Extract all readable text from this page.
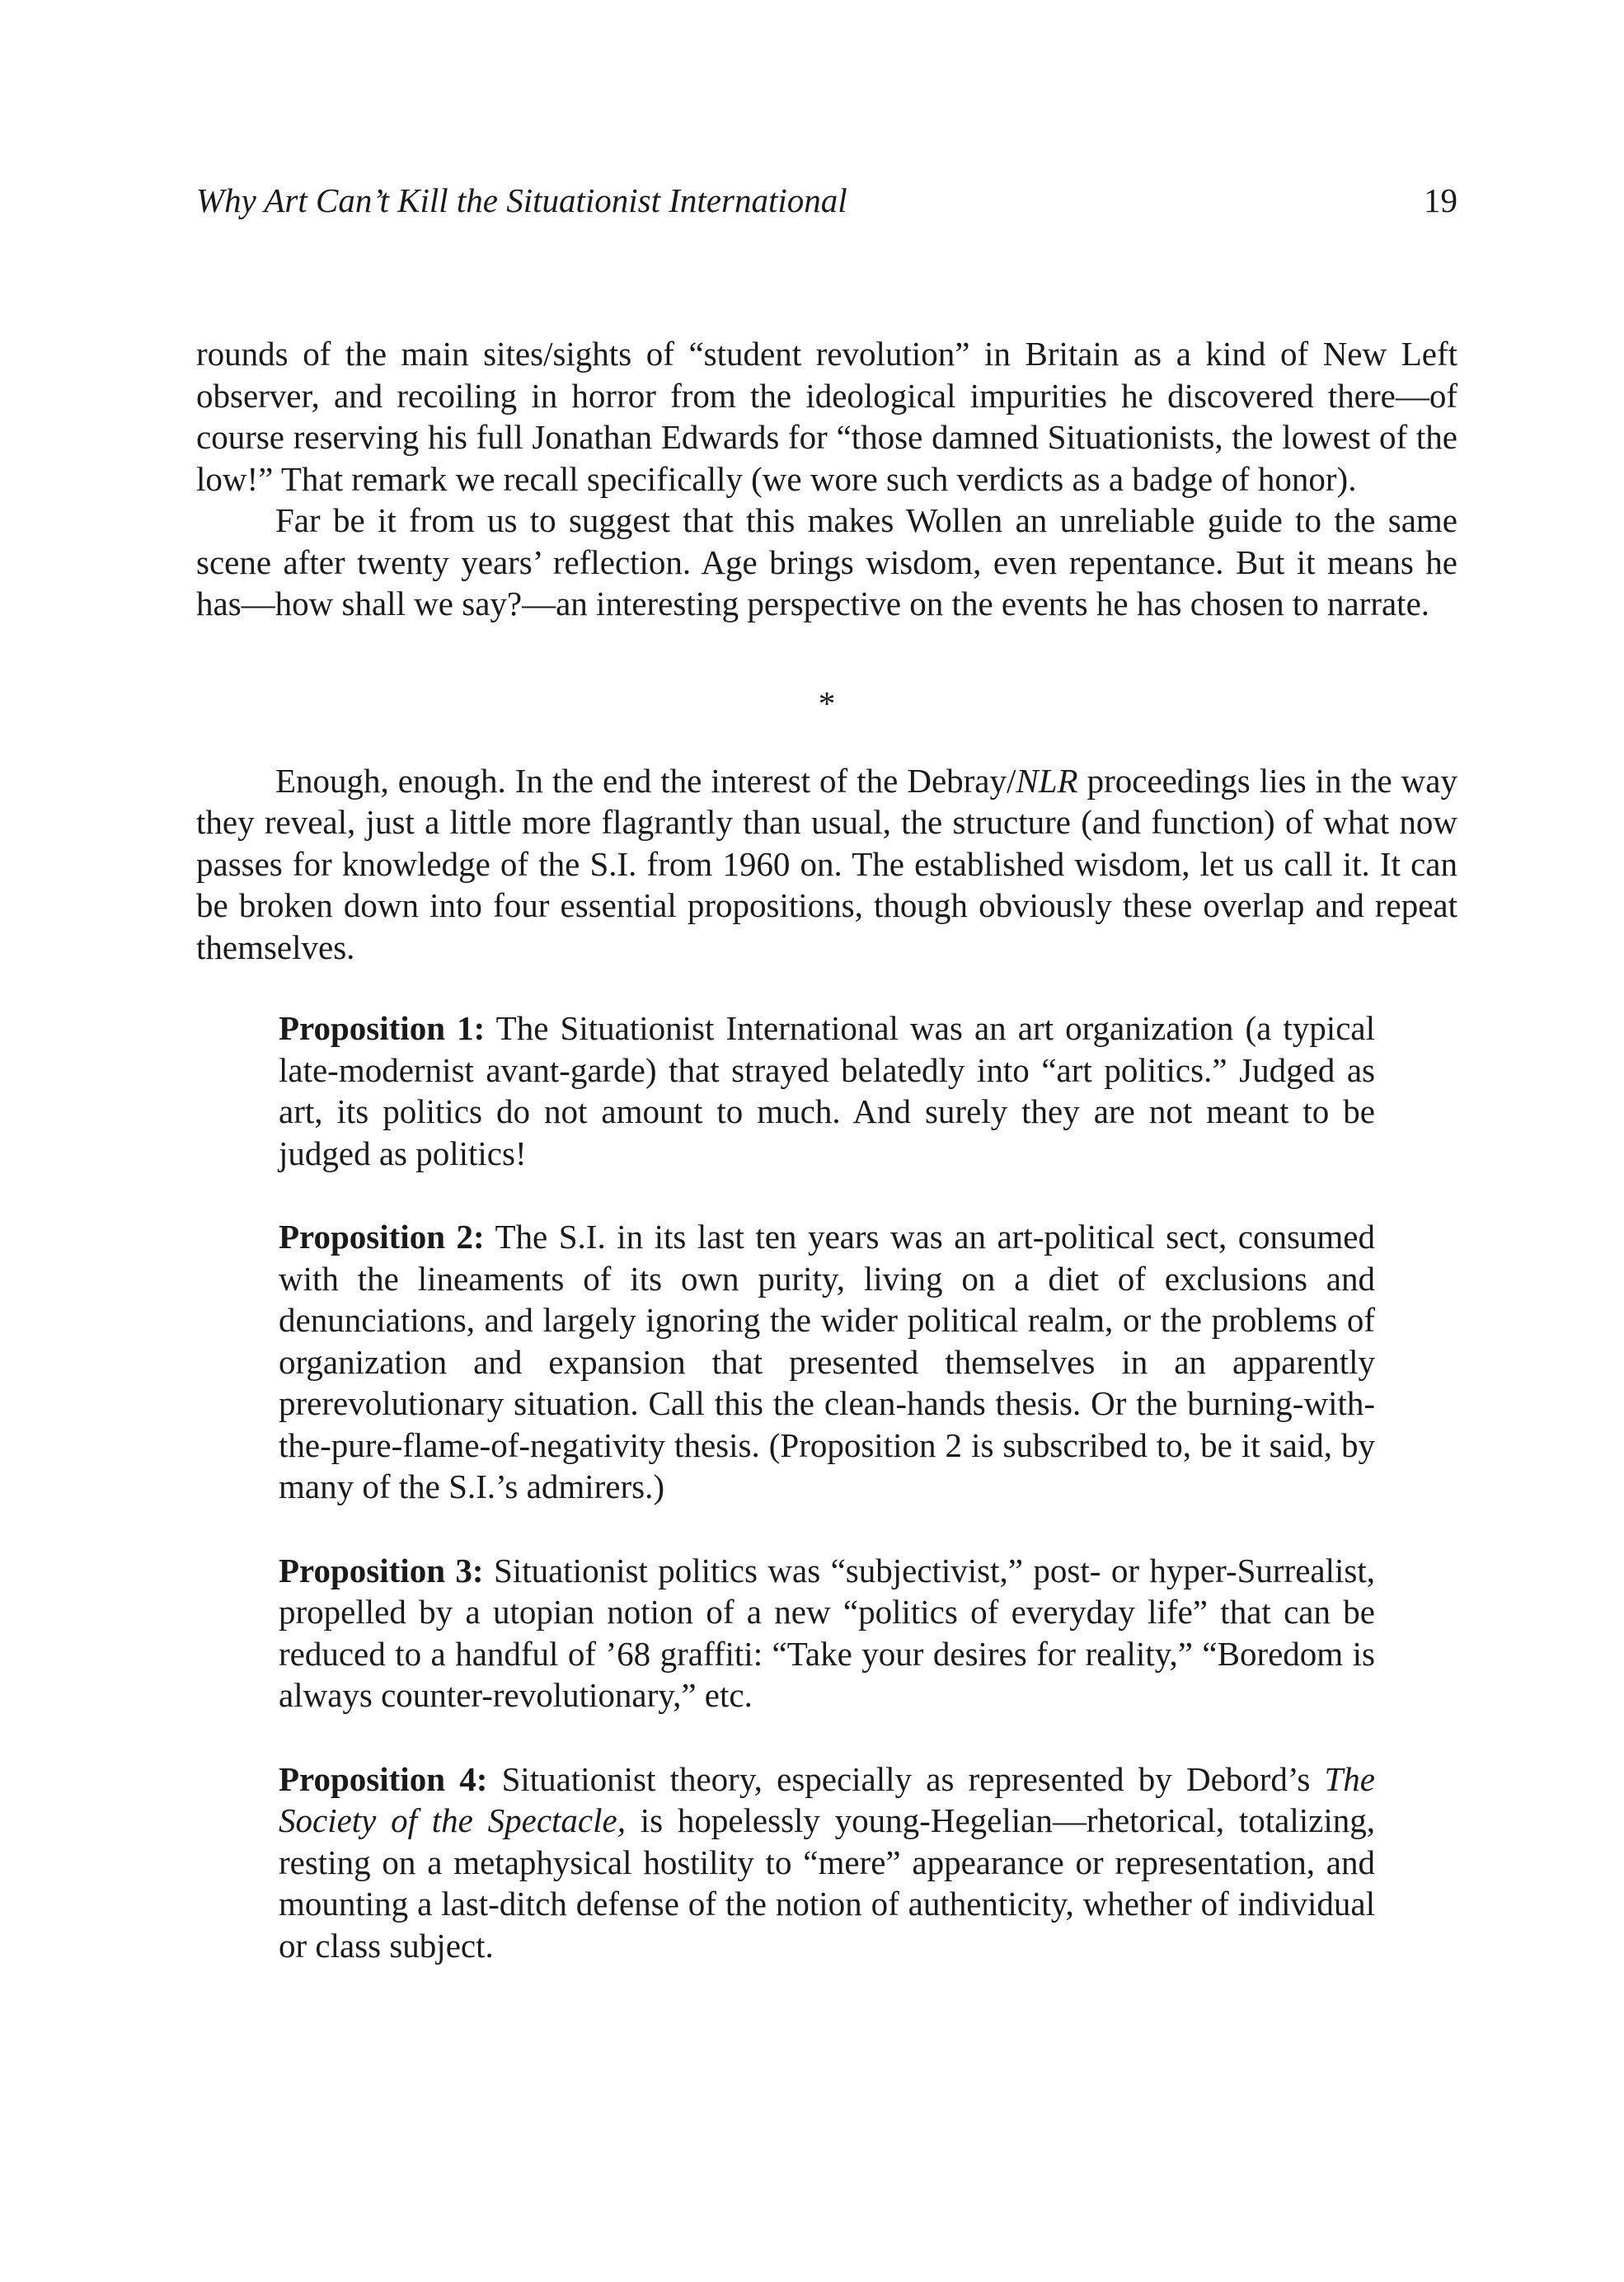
Why Art Can’t Kill the Situationist International	19

rounds of the main sites/sights of “student revolution” in Britain as a kind of New Left observer, and recoiling in horror from the ideological impurities he discovered there—of course reserving his full Jonathan Edwards for “those damned Situationists, the lowest of the low!” That remark we recall specifically (we wore such verdicts as a badge of honor).

Far be it from us to suggest that this makes Wollen an unreliable guide to the same scene after twenty years’ reflection. Age brings wisdom, even repentance. But it means he has—how shall we say?—an interesting perspective on the events he has chosen to narrate.

*

Enough, enough. In the end the interest of the Debray/NLR proceedings lies in the way they reveal, just a little more flagrantly than usual, the structure (and function) of what now passes for knowledge of the S.I. from 1960 on. The established wisdom, let us call it. It can be broken down into four essential propositions, though obviously these overlap and repeat themselves.

Proposition 1: The Situationist International was an art organization (a typical late-modernist avant-garde) that strayed belatedly into “art politics.” Judged as art, its politics do not amount to much. And surely they are not meant to be judged as politics!

Proposition 2: The S.I. in its last ten years was an art-political sect, consumed with the lineaments of its own purity, living on a diet of exclusions and denunciations, and largely ignoring the wider political realm, or the problems of organization and expansion that presented themselves in an apparently prerevolutionary situation. Call this the clean-hands thesis. Or the burning-with-the-pure-flame-of-negativity thesis. (Proposition 2 is subscribed to, be it said, by many of the S.I.’s admirers.)

Proposition 3: Situationist politics was “subjectivist,” post- or hyper-Surrealist, propelled by a utopian notion of a new “politics of everyday life” that can be reduced to a handful of ’68 graffiti: “Take your desires for reality,” “Boredom is always counter-revolutionary,” etc.

Proposition 4: Situationist theory, especially as represented by Debord’s The Society of the Spectacle, is hopelessly young-Hegelian—rhetorical, totalizing, resting on a metaphysical hostility to “mere” appearance or representation, and mounting a last-ditch defense of the notion of authenticity, whether of individual or class subject.
